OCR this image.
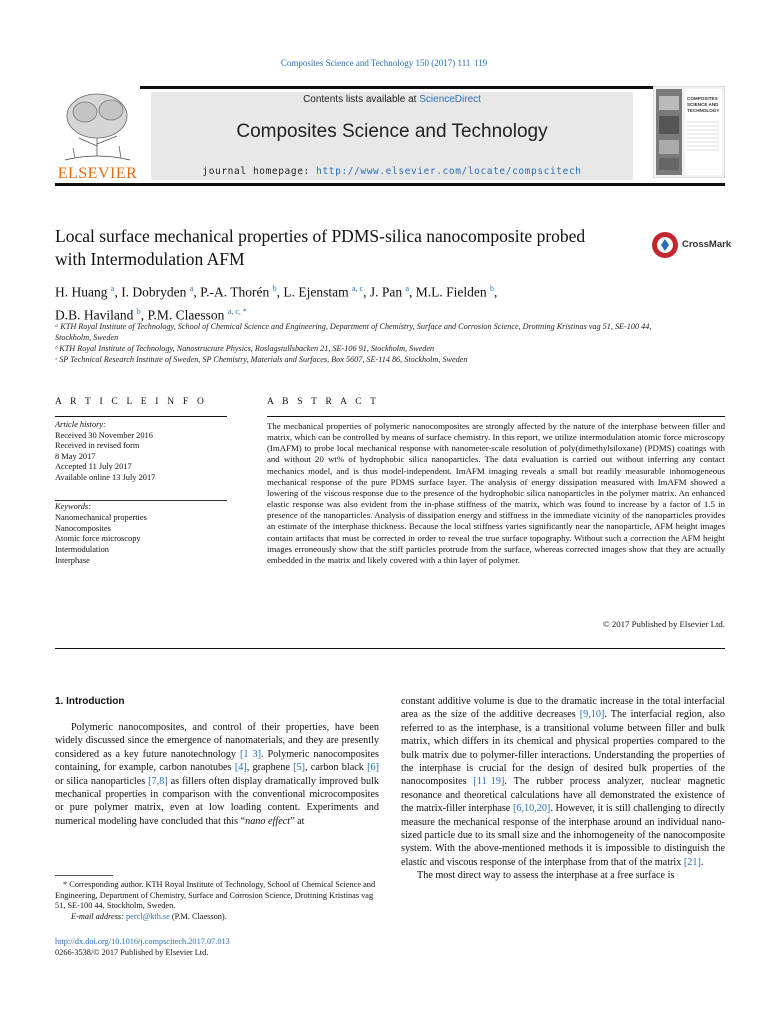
Composites Science and Technology 150 (2017) 111  119
ELSEVIER
Contents lists available at ScienceDirect
Composites Science and Technology
journal homepage: http://www.elsevier.com/locate/compscitech
COMPOSITES
SCIENCE AND
TECHNOLOGY
Local surface mechanical properties of PDMS-silica nanocomposite probed with Intermodulation AFM
CrossMark
H. Huang $^a$, I. Dobryden $^a$, P.-A. Thorén $^b$, L. Ejenstam $^{a, c}$, J. Pan $^a$, M.L. Fielden $^b$,
D.B. Haviland $^b$, P.M. Claesson $^{a, c, *}$
ᵃ KTH Royal Institute of Technology, School of Chemical Science and Engineering, Department of Chemistry, Surface and Corrosion Science, Drottning Kristinas vag 51, SE-100 44, Stockholm, Sweden
ᵇ KTH Royal Institute of Technology, Nanostructure Physics, Roslagstullsbacken 21, SE-106 91, Stockholm, Sweden
ᶜ SP Technical Research Institute of Sweden, SP Chemistry, Materials and Surfaces, Box 5607, SE-114 86, Stockholm, Sweden
A R T I C L E I N F O
Article history:
Received 30 November 2016
Received in revised form
8 May 2017
Accepted 11 July 2017
Available online 13 July 2017
Keywords:
Nanomechanical properties
Nanocomposites
Atomic force microscopy
Intermodulation
Interphase
A B S T R A C T
The mechanical properties of polymeric nanocomposites are strongly affected by the nature of the interphase between filler and matrix, which can be controlled by means of surface chemistry. In this report, we utilize intermodulation atomic force microscopy (ImAFM) to probe local mechanical response with nanometer-scale resolution of poly(dimethylsiloxane) (PDMS) coatings with and without 20 wt% of hydrophobic silica nanoparticles. The data evaluation is carried out without inferring any contact mechanics model, and is thus model-independent. ImAFM imaging reveals a small but readily measurable inhomogeneous mechanical response of the pure PDMS surface layer. The analysis of energy dissipation measured with ImAFM showed a lowering of the viscous response due to the presence of the hydrophobic silica nanoparticles in the polymer matrix. An enhanced elastic response was also evident from the in-phase stiffness of the matrix, which was found to increase by a factor of 1.5 in presence of the nanoparticles. Analysis of dissipation energy and stiffness in the immediate vicinity of the nanoparticles provides an estimate of the interphase thickness. Because the local stiffness varies significantly near the nanoparticle, AFM height images contain artifacts that must be corrected in order to reveal the true surface topography. Without such a correction the AFM height images erroneously show that the stiff particles protrude from the surface, whereas corrected images show that they are actually embedded in the matrix and likely covered with a thin layer of polymer.
© 2017 Published by Elsevier Ltd.
1. Introduction

Polymeric nanocomposites, and control of their properties, have been widely discussed since the emergence of nanomaterials, and they are presently considered as a key future nanotechnology [1  3]. Polymeric nanocomposites containing, for example, carbon nanotubes [4], graphene [5], carbon black [6] or silica nanoparticles [7,8] as fillers often display dramatically improved bulk mechanical properties in comparison with the conventional microcomposites or pure polymer matrix, even at low loading content. Experiments and numerical modeling have concluded that this “nano effect” at

constant additive volume is due to the dramatic increase in the total interfacial area as the size of the additive decreases [9,10]. The interfacial region, also referred to as the interphase, is a transitional volume between filler and bulk matrix, which differs in its chemical and physical properties compared to the bulk matrix due to polymer-filler interactions. Understanding the properties of the interphase is crucial for the design of desired bulk properties of the nanocomposites [11  19]. The rubber process analyzer, nuclear magnetic resonance and theoretical calculations have all demonstrated the existence of the matrix-filler interphase [6,10,20]. However, it is still challenging to directly measure the mechanical response of the interphase around an individual nano-sized particle due to its small size and the inhomogeneity of the nanocomposite system. With the above-mentioned methods it is impossible to distinguish the elastic and viscous response of the interphase from that of the matrix [21].

The most direct way to assess the interphase at a free surface is

* Corresponding author. KTH Royal Institute of Technology, School of Chemical Science and Engineering, Department of Chemistry, Surface and Corrosion Science, Drottning Kristinas vag 51, SE-100 44, Stockholm, Sweden.
E-mail address: percl@kth.se (P.M. Claesson).
http://dx.doi.org/10.1016/j.compscitech.2017.07.013
0266-3538/© 2017 Published by Elsevier Ltd.
